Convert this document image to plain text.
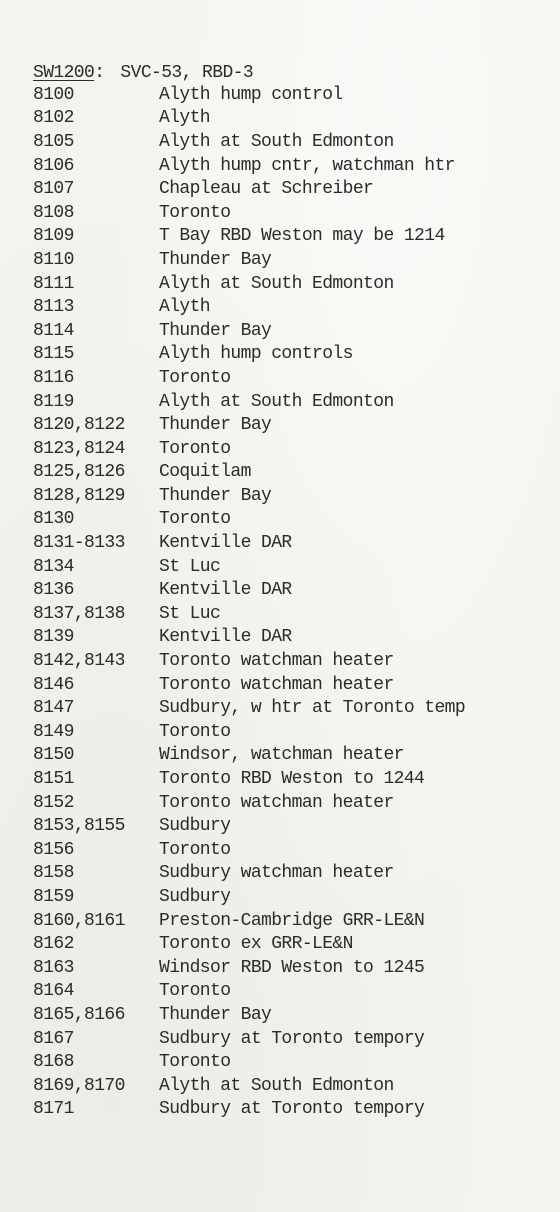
SW1200 : SVC-53, RBD-3
8100	Alyth hump control
8102	Alyth
8105	Alyth at South Edmonton
8106	Alyth hump cntr, watchman htr
8107	Chapleau at Schreiber
8108	Toronto
8109	T Bay RBD Weston may be 1214
8110	Thunder Bay
8111	Alyth at South Edmonton
8113	Alyth
8114	Thunder Bay
8115	Alyth hump controls
8116	Toronto
8119	Alyth at South Edmonton
8120,8122	Thunder Bay
8123,8124	Toronto
8125,8126	Coquitlam
8128,8129	Thunder Bay
8130	Toronto
8131-8133	Kentville DAR
8134	St Luc
8136	Kentville DAR
8137,8138	St Luc
8139	Kentville DAR
8142,8143	Toronto watchman heater
8146	Toronto watchman heater
8147	Sudbury, w htr at Toronto temp
8149	Toronto
8150	Windsor, watchman heater
8151	Toronto RBD Weston to 1244
8152	Toronto watchman heater
8153,8155	Sudbury
8156	Toronto
8158	Sudbury watchman heater
8159	Sudbury
8160,8161	Preston-Cambridge GRR-LE&N
8162	Toronto ex GRR-LE&N
8163	Windsor RBD Weston to 1245
8164	Toronto
8165,8166	Thunder Bay
8167	Sudbury at Toronto tempory
8168	Toronto
8169,8170	Alyth at South Edmonton
8171	Sudbury at Toronto tempory
